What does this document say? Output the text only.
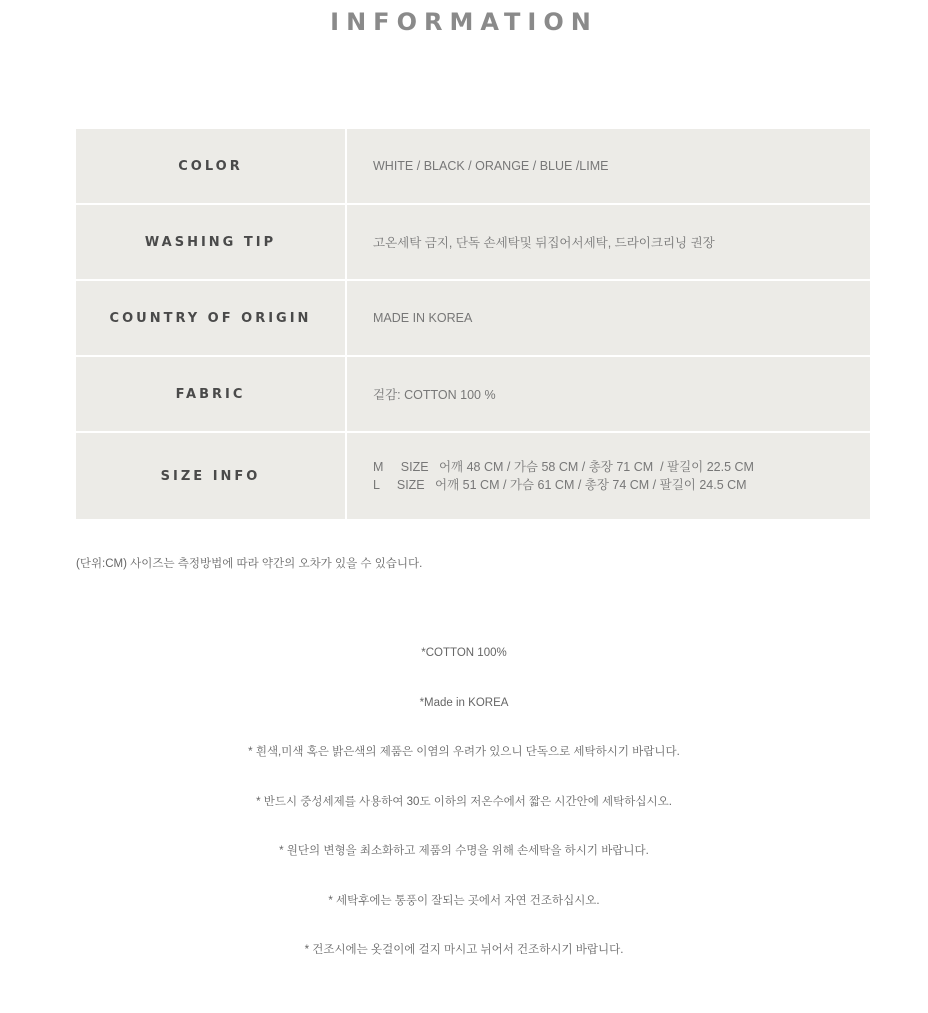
INFORMATION
COLOR	WHITE / BLACK / ORANGE / BLUE /LIME
WASHING TIP	고온세탁 금지, 단독 손세탁및 뒤집어서세탁, 드라이크리닝 권장
COUNTRY OF ORIGIN	MADE IN KOREA
FABRIC	겉감: COTTON 100 %
SIZE INFO	M     SIZE   어깨 48 CM / 가슴 58 CM / 총장 71 CM  / 팔길이 22.5 CM
L     SIZE   어깨 51 CM / 가슴 61 CM / 총장 74 CM / 팔길이 24.5 CM
(단위:CM) 사이즈는 측정방법에 따라 약간의 오차가 있을 수 있습니다.
*COTTON 100%
*Made in KOREA
* 흰색,미색 혹은 밝은색의 제품은 이염의 우려가 있으니 단독으로 세탁하시기 바랍니다.
* 반드시 중성세제를 사용하여 30도 이하의 저온수에서 짧은 시간안에 세탁하십시오.
* 원단의 변형을 최소화하고 제품의 수명을 위해 손세탁을 하시기 바랍니다.
* 세탁후에는 통풍이 잘되는 곳에서 자연 건조하십시오.
* 건조시에는 옷걸이에 걸지 마시고 뉘어서 건조하시기 바랍니다.
